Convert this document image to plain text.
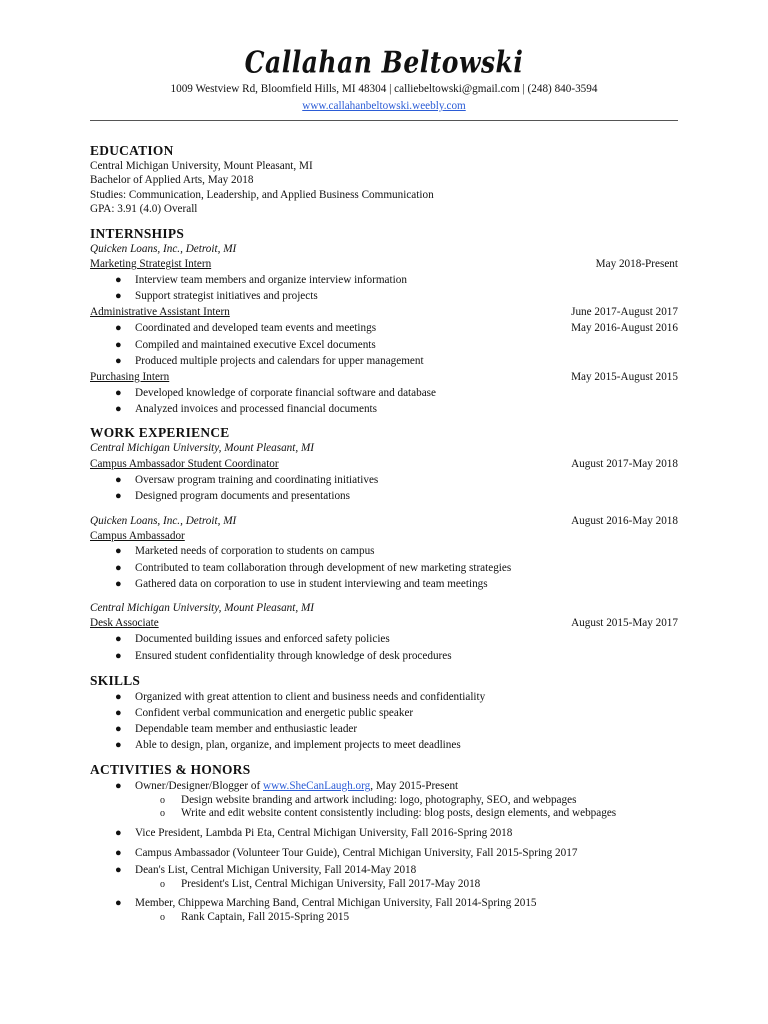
Callahan Beltowski
1009 Westview Rd, Bloomfield Hills, MI 48304 | calliebeltowski@gmail.com | (248) 840-3594
www.callahanbeltowski.weebly.com
EDUCATION
Central Michigan University, Mount Pleasant, MI
Bachelor of Applied Arts, May 2018
Studies: Communication, Leadership, and Applied Business Communication
GPA: 3.91 (4.0) Overall
INTERNSHIPS
Quicken Loans, Inc., Detroit, MI
Marketing Strategist Intern	May 2018-Present
● Interview team members and organize interview information
● Support strategist initiatives and projects
Administrative Assistant Intern	June 2017-August 2017
● Coordinated and developed team events and meetings	May 2016-August 2016
● Compiled and maintained executive Excel documents
● Produced multiple projects and calendars for upper management
Purchasing Intern	May 2015-August 2015
● Developed knowledge of corporate financial software and database
● Analyzed invoices and processed financial documents
WORK EXPERIENCE
Central Michigan University, Mount Pleasant, MI
Campus Ambassador Student Coordinator	August 2017-May 2018
● Oversaw program training and coordinating initiatives
● Designed program documents and presentations
Quicken Loans, Inc., Detroit, MI	August 2016-May 2018
Campus Ambassador
● Marketed needs of corporation to students on campus
● Contributed to team collaboration through development of new marketing strategies
● Gathered data on corporation to use in student interviewing and team meetings
Central Michigan University, Mount Pleasant, MI
Desk Associate	August 2015-May 2017
● Documented building issues and enforced safety policies
● Ensured student confidentiality through knowledge of desk procedures
SKILLS
● Organized with great attention to client and business needs and confidentiality
● Confident verbal communication and energetic public speaker
● Dependable team member and enthusiastic leader
● Able to design, plan, organize, and implement projects to meet deadlines
ACTIVITIES & HONORS
● Owner/Designer/Blogger of www.SheCanLaugh.org, May 2015-Present
o Design website branding and artwork including: logo, photography, SEO, and webpages
o Write and edit website content consistently including: blog posts, design elements, and webpages
● Vice President, Lambda Pi Eta, Central Michigan University, Fall 2016-Spring 2018
● Campus Ambassador (Volunteer Tour Guide), Central Michigan University, Fall 2015-Spring 2017
● Dean's List, Central Michigan University, Fall 2014-May 2018
o President's List, Central Michigan University, Fall 2017-May 2018
● Member, Chippewa Marching Band, Central Michigan University, Fall 2014-Spring 2015
o Rank Captain, Fall 2015-Spring 2015
